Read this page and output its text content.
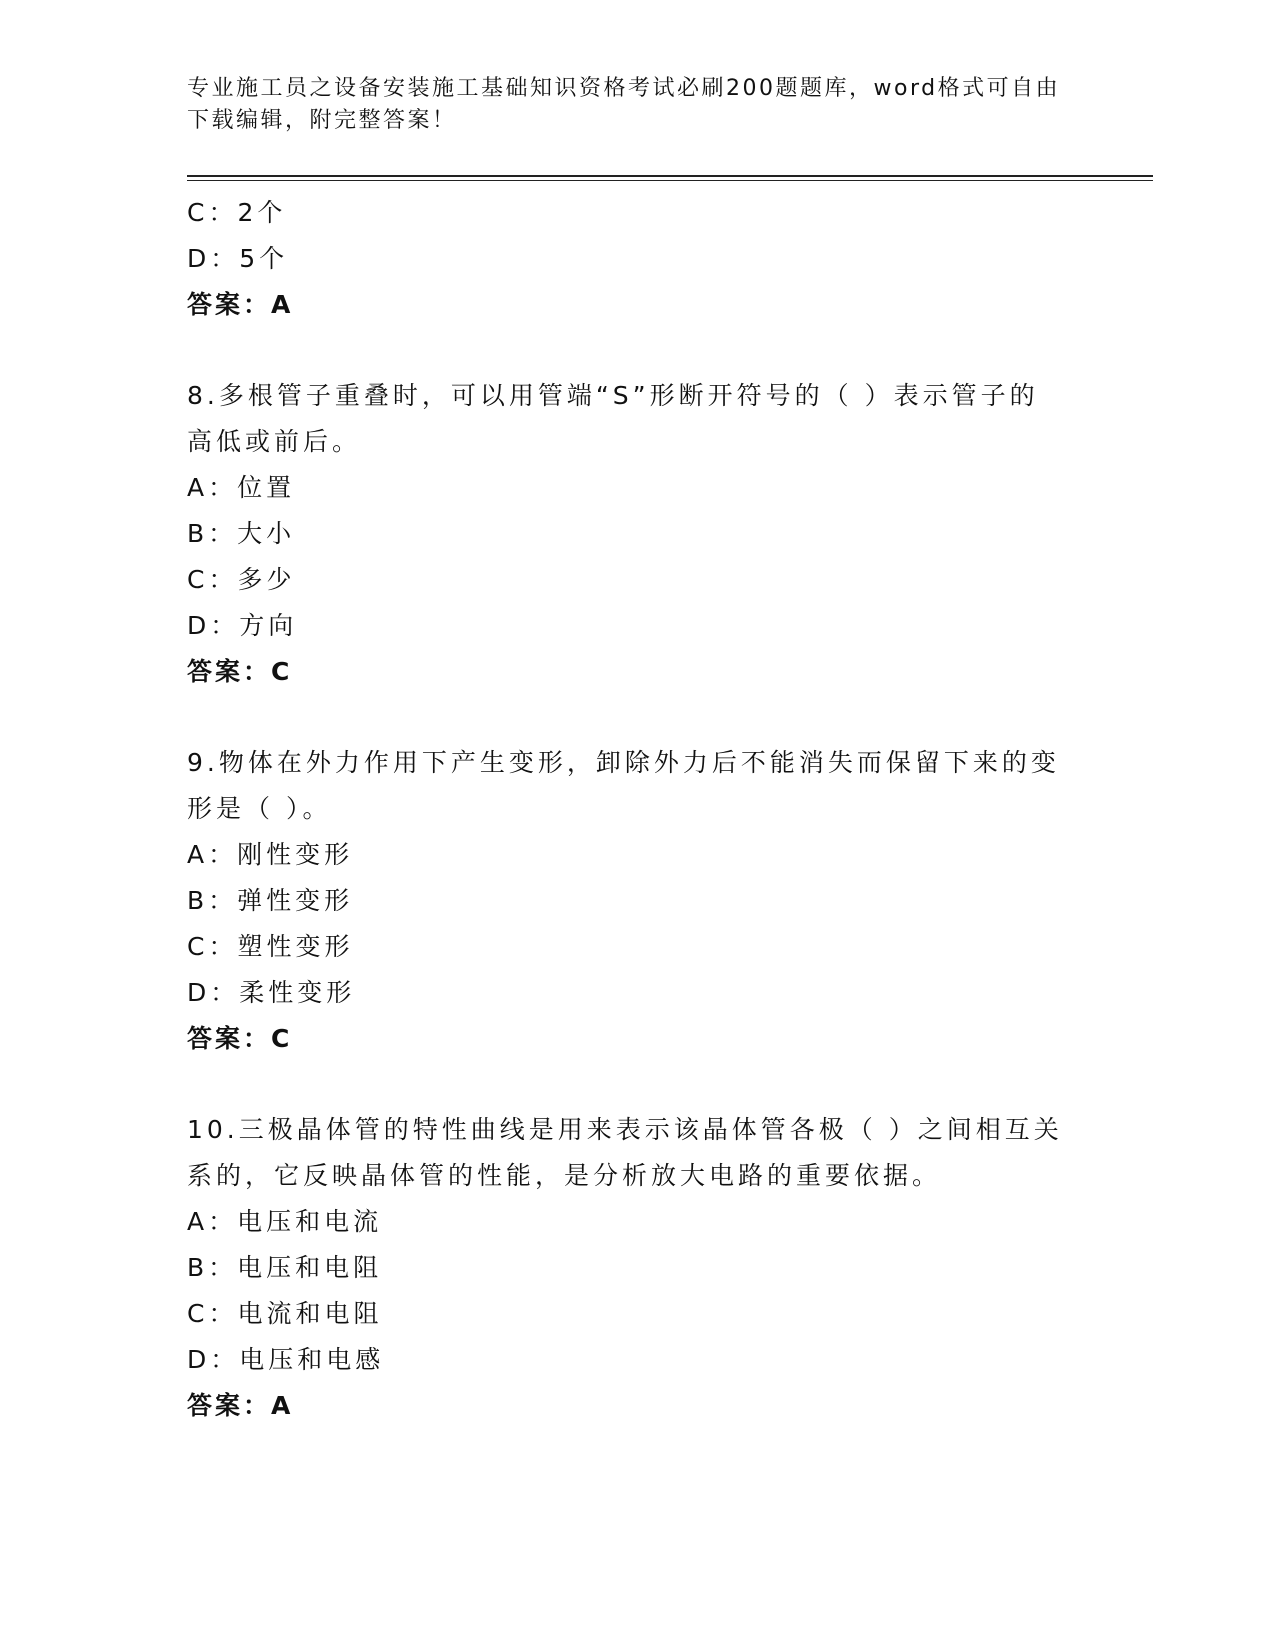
专业施工员之设备安装施工基础知识资格考试必刷200题题库，word格式可自由
下载编辑，附完整答案！
C：2个
D：5个
答案：A
8.多根管子重叠时，可以用管端“S”形断开符号的（ ）表示管子的
高低或前后。
A：位置
B：大小
C：多少
D：方向
答案：C
9.物体在外力作用下产生变形，卸除外力后不能消失而保留下来的变
形是（ ）。
A：刚性变形
B：弹性变形
C：塑性变形
D：柔性变形
答案：C
10.三极晶体管的特性曲线是用来表示该晶体管各极（ ）之间相互关
系的，它反映晶体管的性能，是分析放大电路的重要依据。
A：电压和电流
B：电压和电阻
C：电流和电阻
D：电压和电感
答案：A
